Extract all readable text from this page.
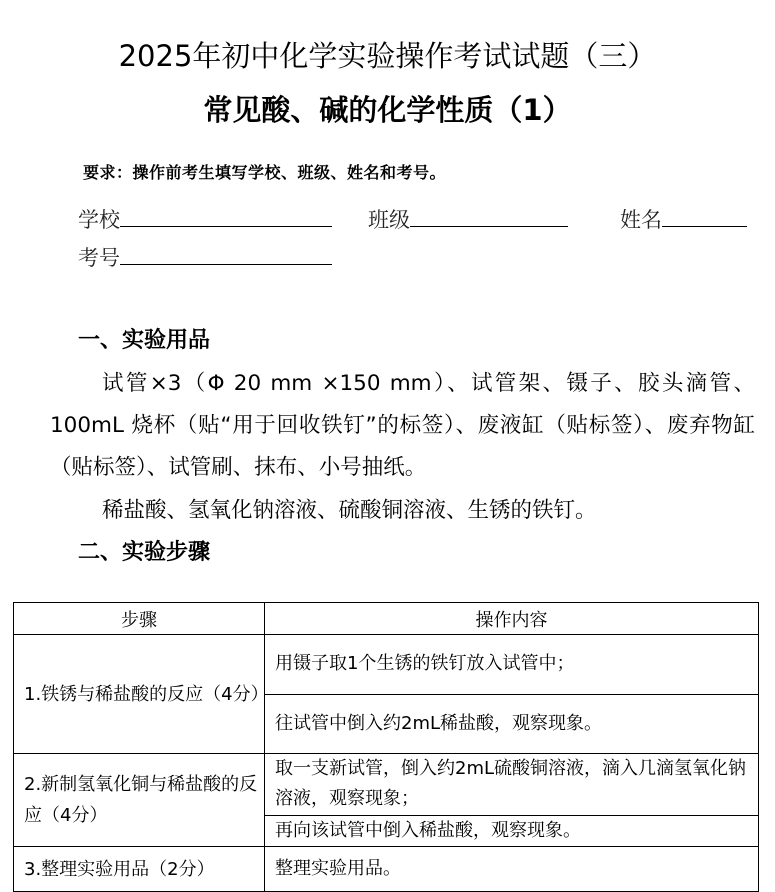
2025年初中化学实验操作考试试题（三）
常见酸、碱的化学性质（1）
要求：操作前考生填写学校、班级、姓名和考号。
学校	班级	姓名
考号
一、实验用品
试管×3（Φ 20 mm ×150 mm）、试管架、镊子、胶头滴管、100mL 烧杯（贴“用于回收铁钉”的标签）、废液缸（贴标签）、废弃物缸（贴标签）、试管刷、抹布、小号抽纸。
稀盐酸、氢氧化钠溶液、硫酸铜溶液、生锈的铁钉。
二、实验步骤
步骤	操作内容
1.铁锈与稀盐酸的反应（4分）	用镊子取1个生锈的铁钉放入试管中；
	往试管中倒入约2mL稀盐酸，观察现象。
2.新制氢氧化铜与稀盐酸的反应（4分）	取一支新试管，倒入约2mL硫酸铜溶液，滴入几滴氢氧化钠溶液，观察现象；
	再向该试管中倒入稀盐酸，观察现象。
3.整理实验用品（2分）	整理实验用品。
